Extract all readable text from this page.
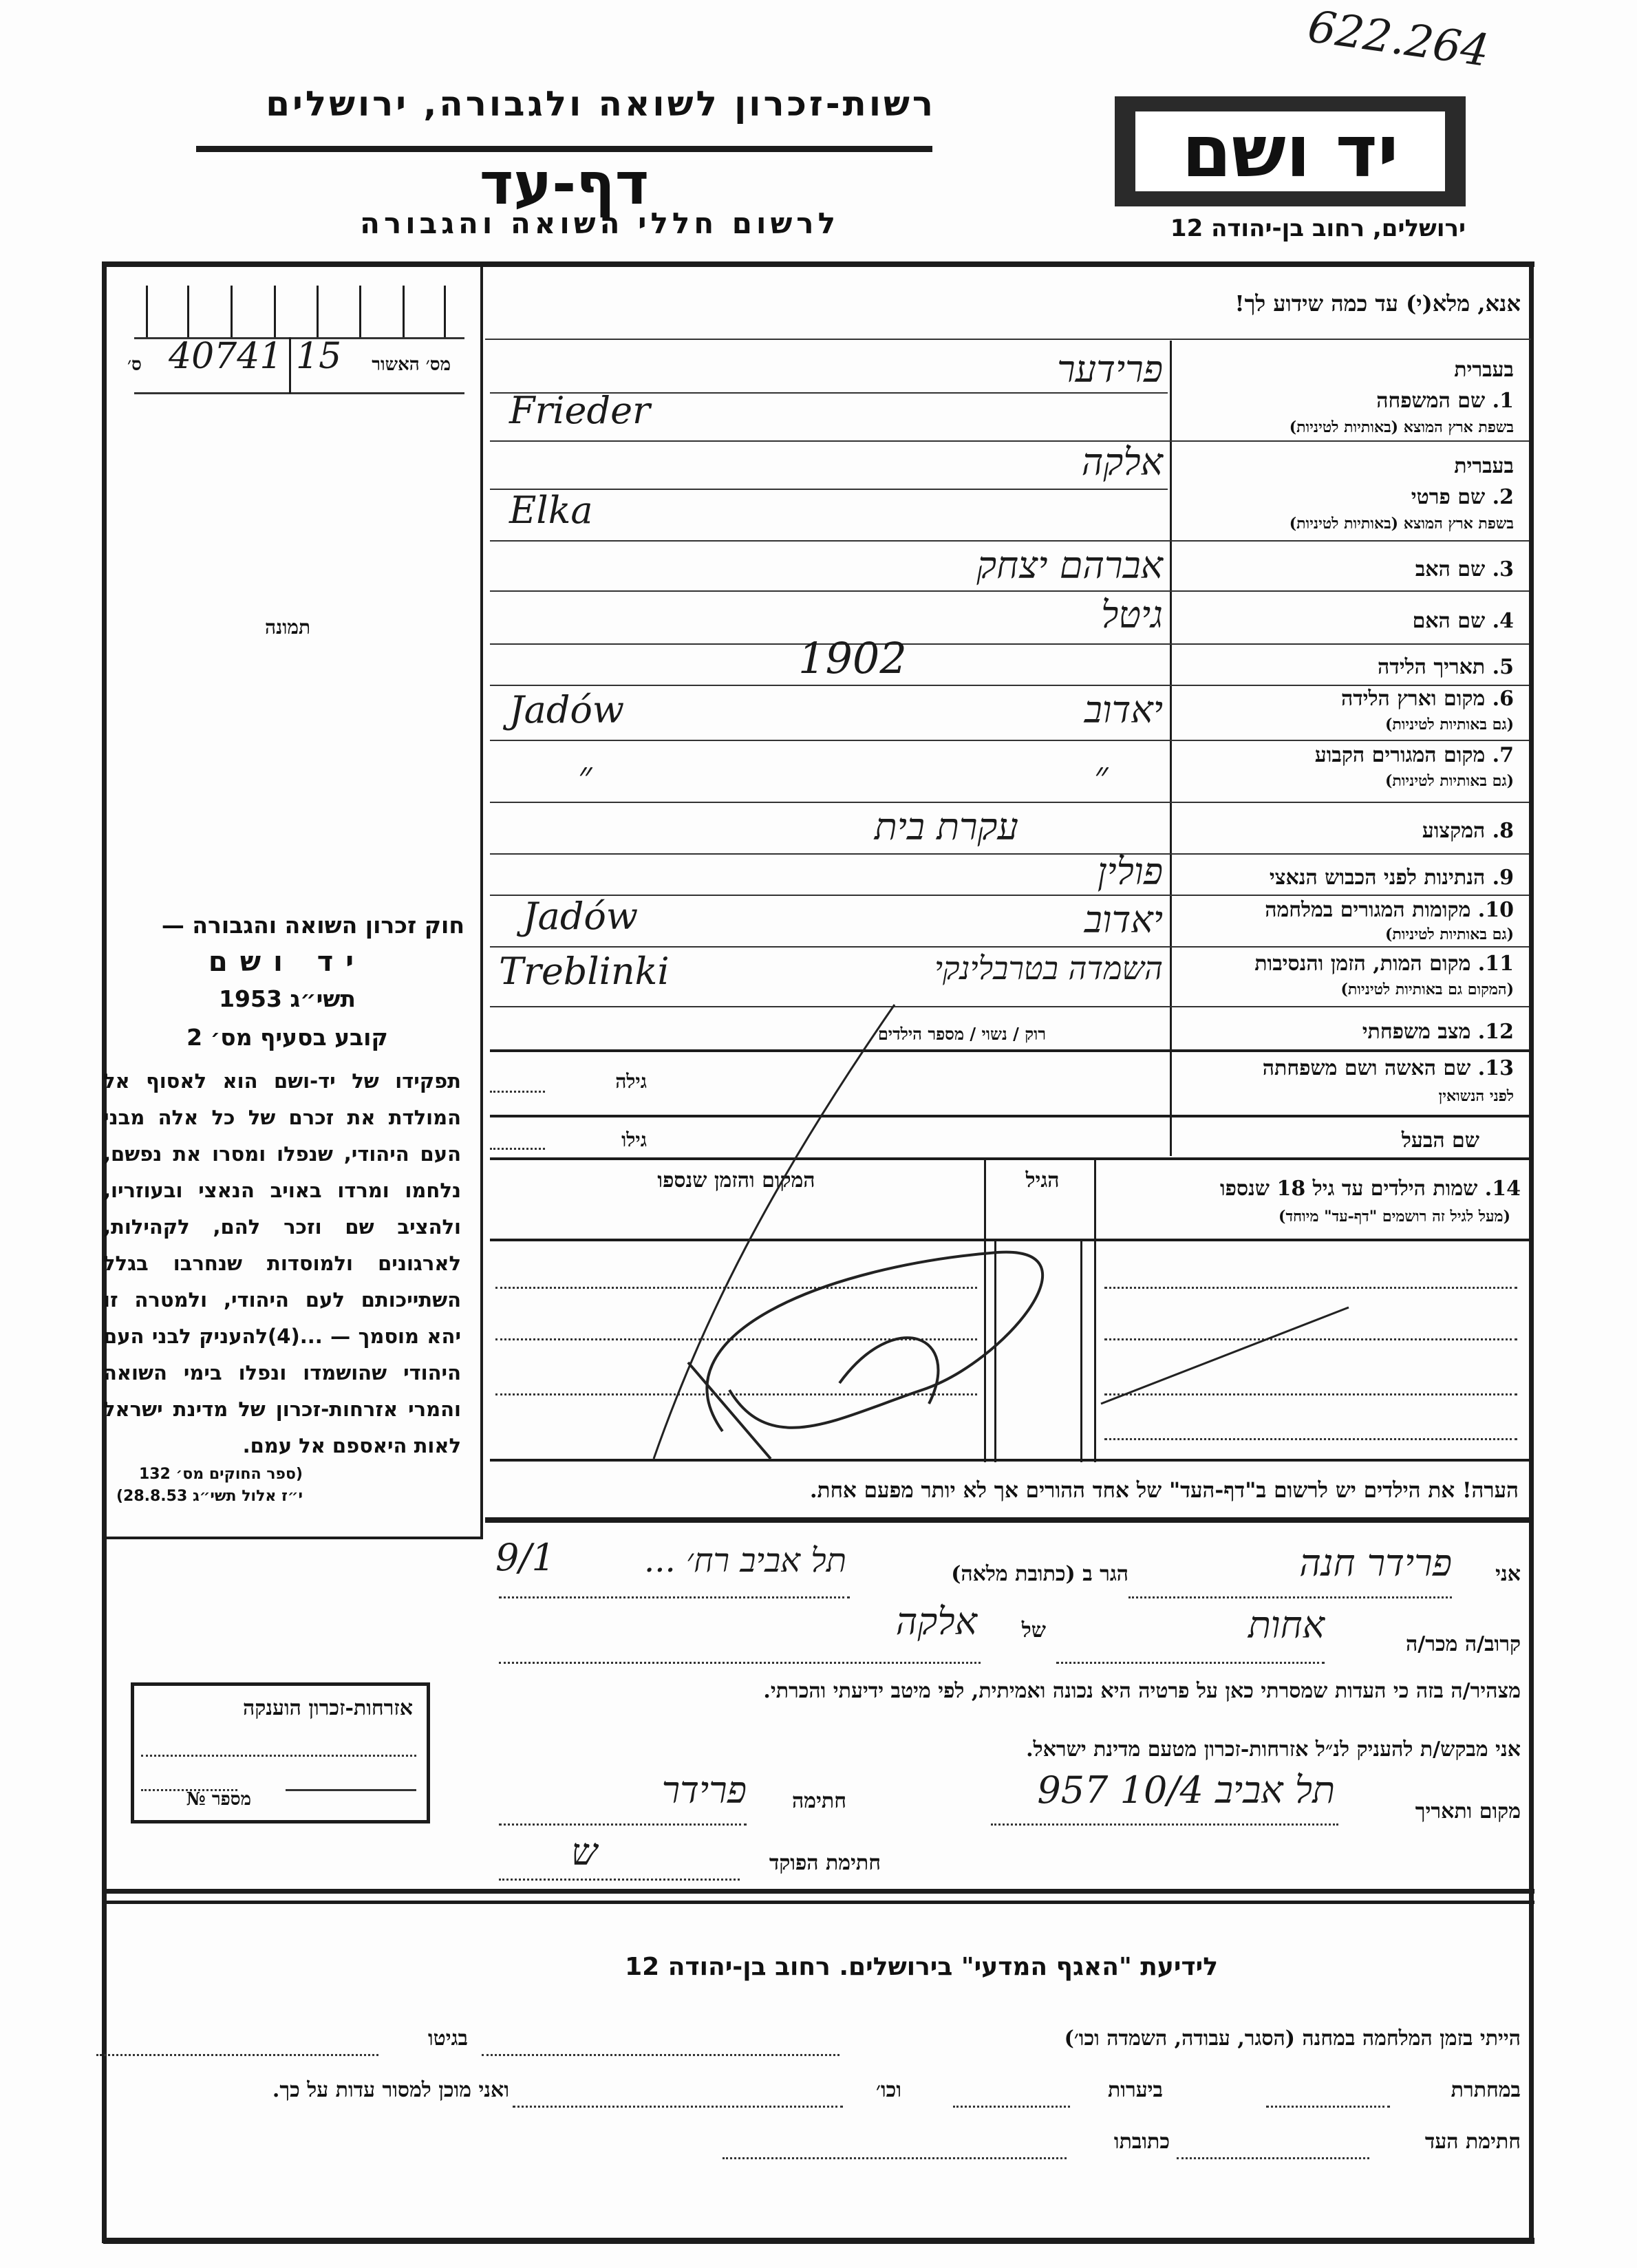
622.264
רשות-זכרון לשואה ולגבורה, ירושלים
דף-עד
לרשום חללי השואה והגבורה
יד ושם
ירושלים, רחוב בן-יהודה 12
מס׳ האשור
ס׳	15
40741
תמונה
חוק זכרון השואה והגבורה —
יד ושם
תשי״ג 1953
קובע בסעיף מס׳ 2
תפקידו של יד-ושם הוא לאסוף אל המולדת את זכרם של כל אלה מבני העם היהודי, שנפלו ומסרו את נפשם, נלחמו ומרדו באויב הנאצי ובעוזריו, ולהציב שם וזכר להם, לקהילות, לארגונים ולמוסדות שנחרבו בגלל השתייכותם לעם היהודי, ולמטרה זו יהא מוסמך — ...(4)להעניק לבני העם היהודי שהושמדו ונפלו בימי השואה והמרי אזרחות-זכרון של מדינת ישראל לאות היאספם אל עמם.
(ספר החוקים מס׳ 132
י״ז אלול תשי״ג 28.8.53)
אנא, מלא(י) עד כמה שידוע לך!
בעברית
1. שם המשפחה
בשפת ארץ המוצא (באותיות לטיניות)
פרידער
Frieder
בעברית
2. שם פרטי
בשפת ארץ המוצא (באותיות לטיניות)
אלקה
Elka
3. שם האב
אברהם יצחק
4. שם האם
גיטל
5. תאריך הלידה
1902
6. מקום וארץ הלידה
(גם באותיות לטיניות)
יאדוב
Jadów
7. מקום המגורים הקבוע
(גם באותיות לטיניות)
״
״
8. המקצוע
עקרת בית
9. הנתינות לפני הכבוש הנאצי
פולין
10. מקומות המגורים במלחמה
(גם באותיות לטיניות)
יאדוב
Jadów
11. מקום המות, הזמן והנסיבות
(המקום גם באותיות לטיניות)
השמדה בטרבלינקי
Treblinki
12. מצב משפחתי
רוק / נשוי / מספר הילדים
13. שם האשה ושם משפחתה
לפני הנשואין
גילה
שם הבעל
גילו
14. שמות הילדים עד גיל 18 שנספו
(מעל לגיל זה רושמים "דף-עד" מיוחד)
הגיל
המקום והזמן שנספו
הערה! את הילדים יש לרשום ב"דף-העד" של אחד ההורים אך לא יותר מפעם אחת.
אני
פרידר חנה
הגר ב (כתובת מלאה)
תל אביב רח׳ ...
9/1
קרוב/ה מכר/ה
אחות
של
אלקה
מצהיר/ה בזה כי העדות שמסרתי כאן על פרטיה היא נכונה ואמיתית, לפי מיטב ידיעתי והכרתי.
אני מבקש/ת להעניק לנ״ל אזרחות-זכרון מטעם מדינת ישראל.
מקום ותאריך
תל אביב 10/4 957
חתימה
פרידר
חתימת הפוקד
ש
אזרחות-זכרון הוענקה
מספר №
לידיעת "האגף המדעי" בירושלים. רחוב בן-יהודה 12
הייתי בזמן המלחמה במחנה (הסגר, עבודה, השמדה וכו׳)
בגיטו
במחתרת
ביערות
וכו׳
ואני מוכן למסור עדות על כך.
חתימת העד
כתובתו
